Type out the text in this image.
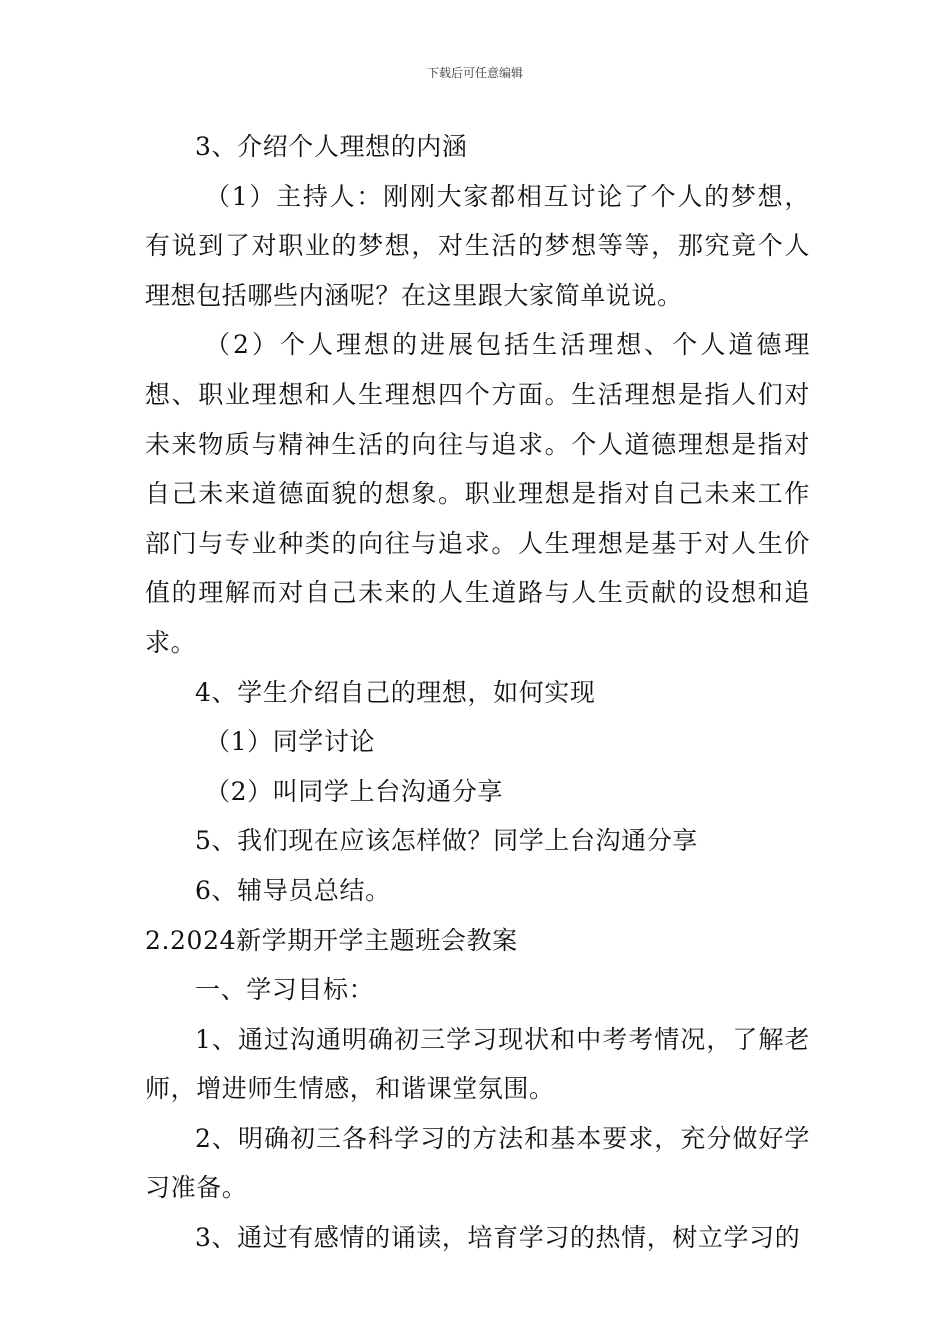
下载后可任意编辑

3、介绍个人理想的内涵

（1）主持人：刚刚大家都相互讨论了个人的梦想，有说到了对职业的梦想，对生活的梦想等等，那究竟个人理想包括哪些内涵呢？在这里跟大家简单说说。

（2）个人理想的进展包括生活理想、个人道德理想、职业理想和人生理想四个方面。生活理想是指人们对未来物质与精神生活的向往与追求。个人道德理想是指对自己未来道德面貌的想象。职业理想是指对自己未来工作部门与专业种类的向往与追求。人生理想是基于对人生价值的理解而对自己未来的人生道路与人生贡献的设想和追求。

4、学生介绍自己的理想，如何实现

（1）同学讨论

（2）叫同学上台沟通分享

5、我们现在应该怎样做？同学上台沟通分享

6、辅导员总结。

2.2024新学期开学主题班会教案

一、学习目标：

1、通过沟通明确初三学习现状和中考考情况，了解老师，增进师生情感，和谐课堂氛围。

2、明确初三各科学习的方法和基本要求，充分做好学习准备。

3、通过有感情的诵读，培育学习的热情，树立学习的
